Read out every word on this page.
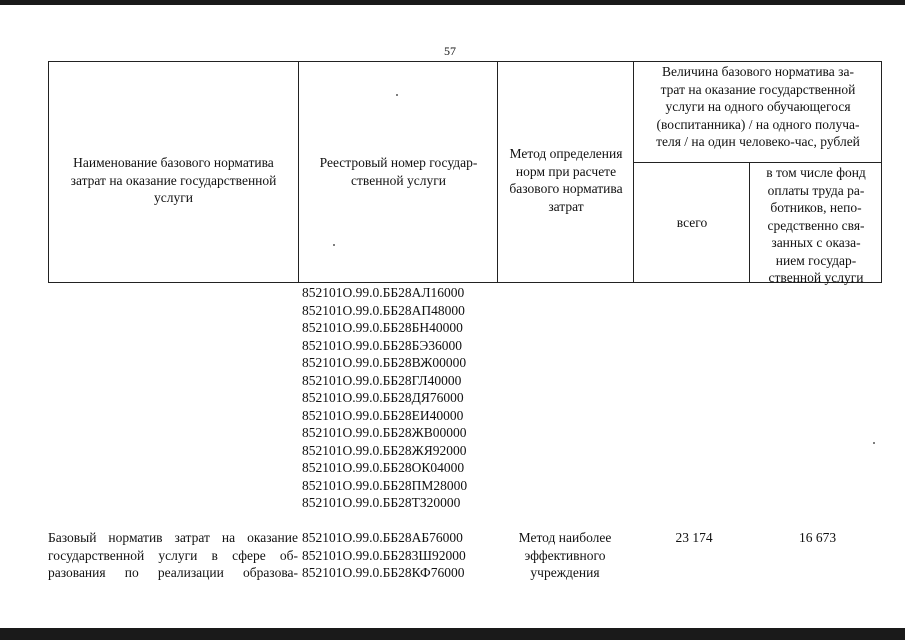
57
Наименование базового норматива
затрат на оказание государственной
услуги
Реестровый номер государ-
ственной услуги
Метод определения
норм при расчете
базового норматива
затрат
Величина базового норматива за-
трат на оказание государственной
услуги на одного обучающегося
(воспитанника) / на одного получа-
теля / на один человеко-час, рублей
всего
в том числе фонд
оплаты труда ра-
ботников, непо-
средственно свя-
занных с оказа-
нием государ-
ственной услуги
852101О.99.0.ББ28АЛ16000
852101О.99.0.ББ28АП48000
852101О.99.0.ББ28БН40000
852101О.99.0.ББ28БЭ36000
852101О.99.0.ББ28ВЖ00000
852101О.99.0.ББ28ГЛ40000
852101О.99.0.ББ28ДЯ76000
852101О.99.0.ББ28ЕИ40000
852101О.99.0.ББ28ЖВ00000
852101О.99.0.ББ28ЖЯ92000
852101О.99.0.ББ28ОК04000
852101О.99.0.ББ28ПМ28000
852101О.99.0.ББ28ТЗ20000
Базовый норматив затрат на оказание
государственной услуги в сфере об-
разования по реализации образова-
852101О.99.0.ББ28АБ76000
852101О.99.0.ББ283Ш92000
852101О.99.0.ББ28КФ76000
Метод наиболее
эффективного
учреждения
23 174	16 673
